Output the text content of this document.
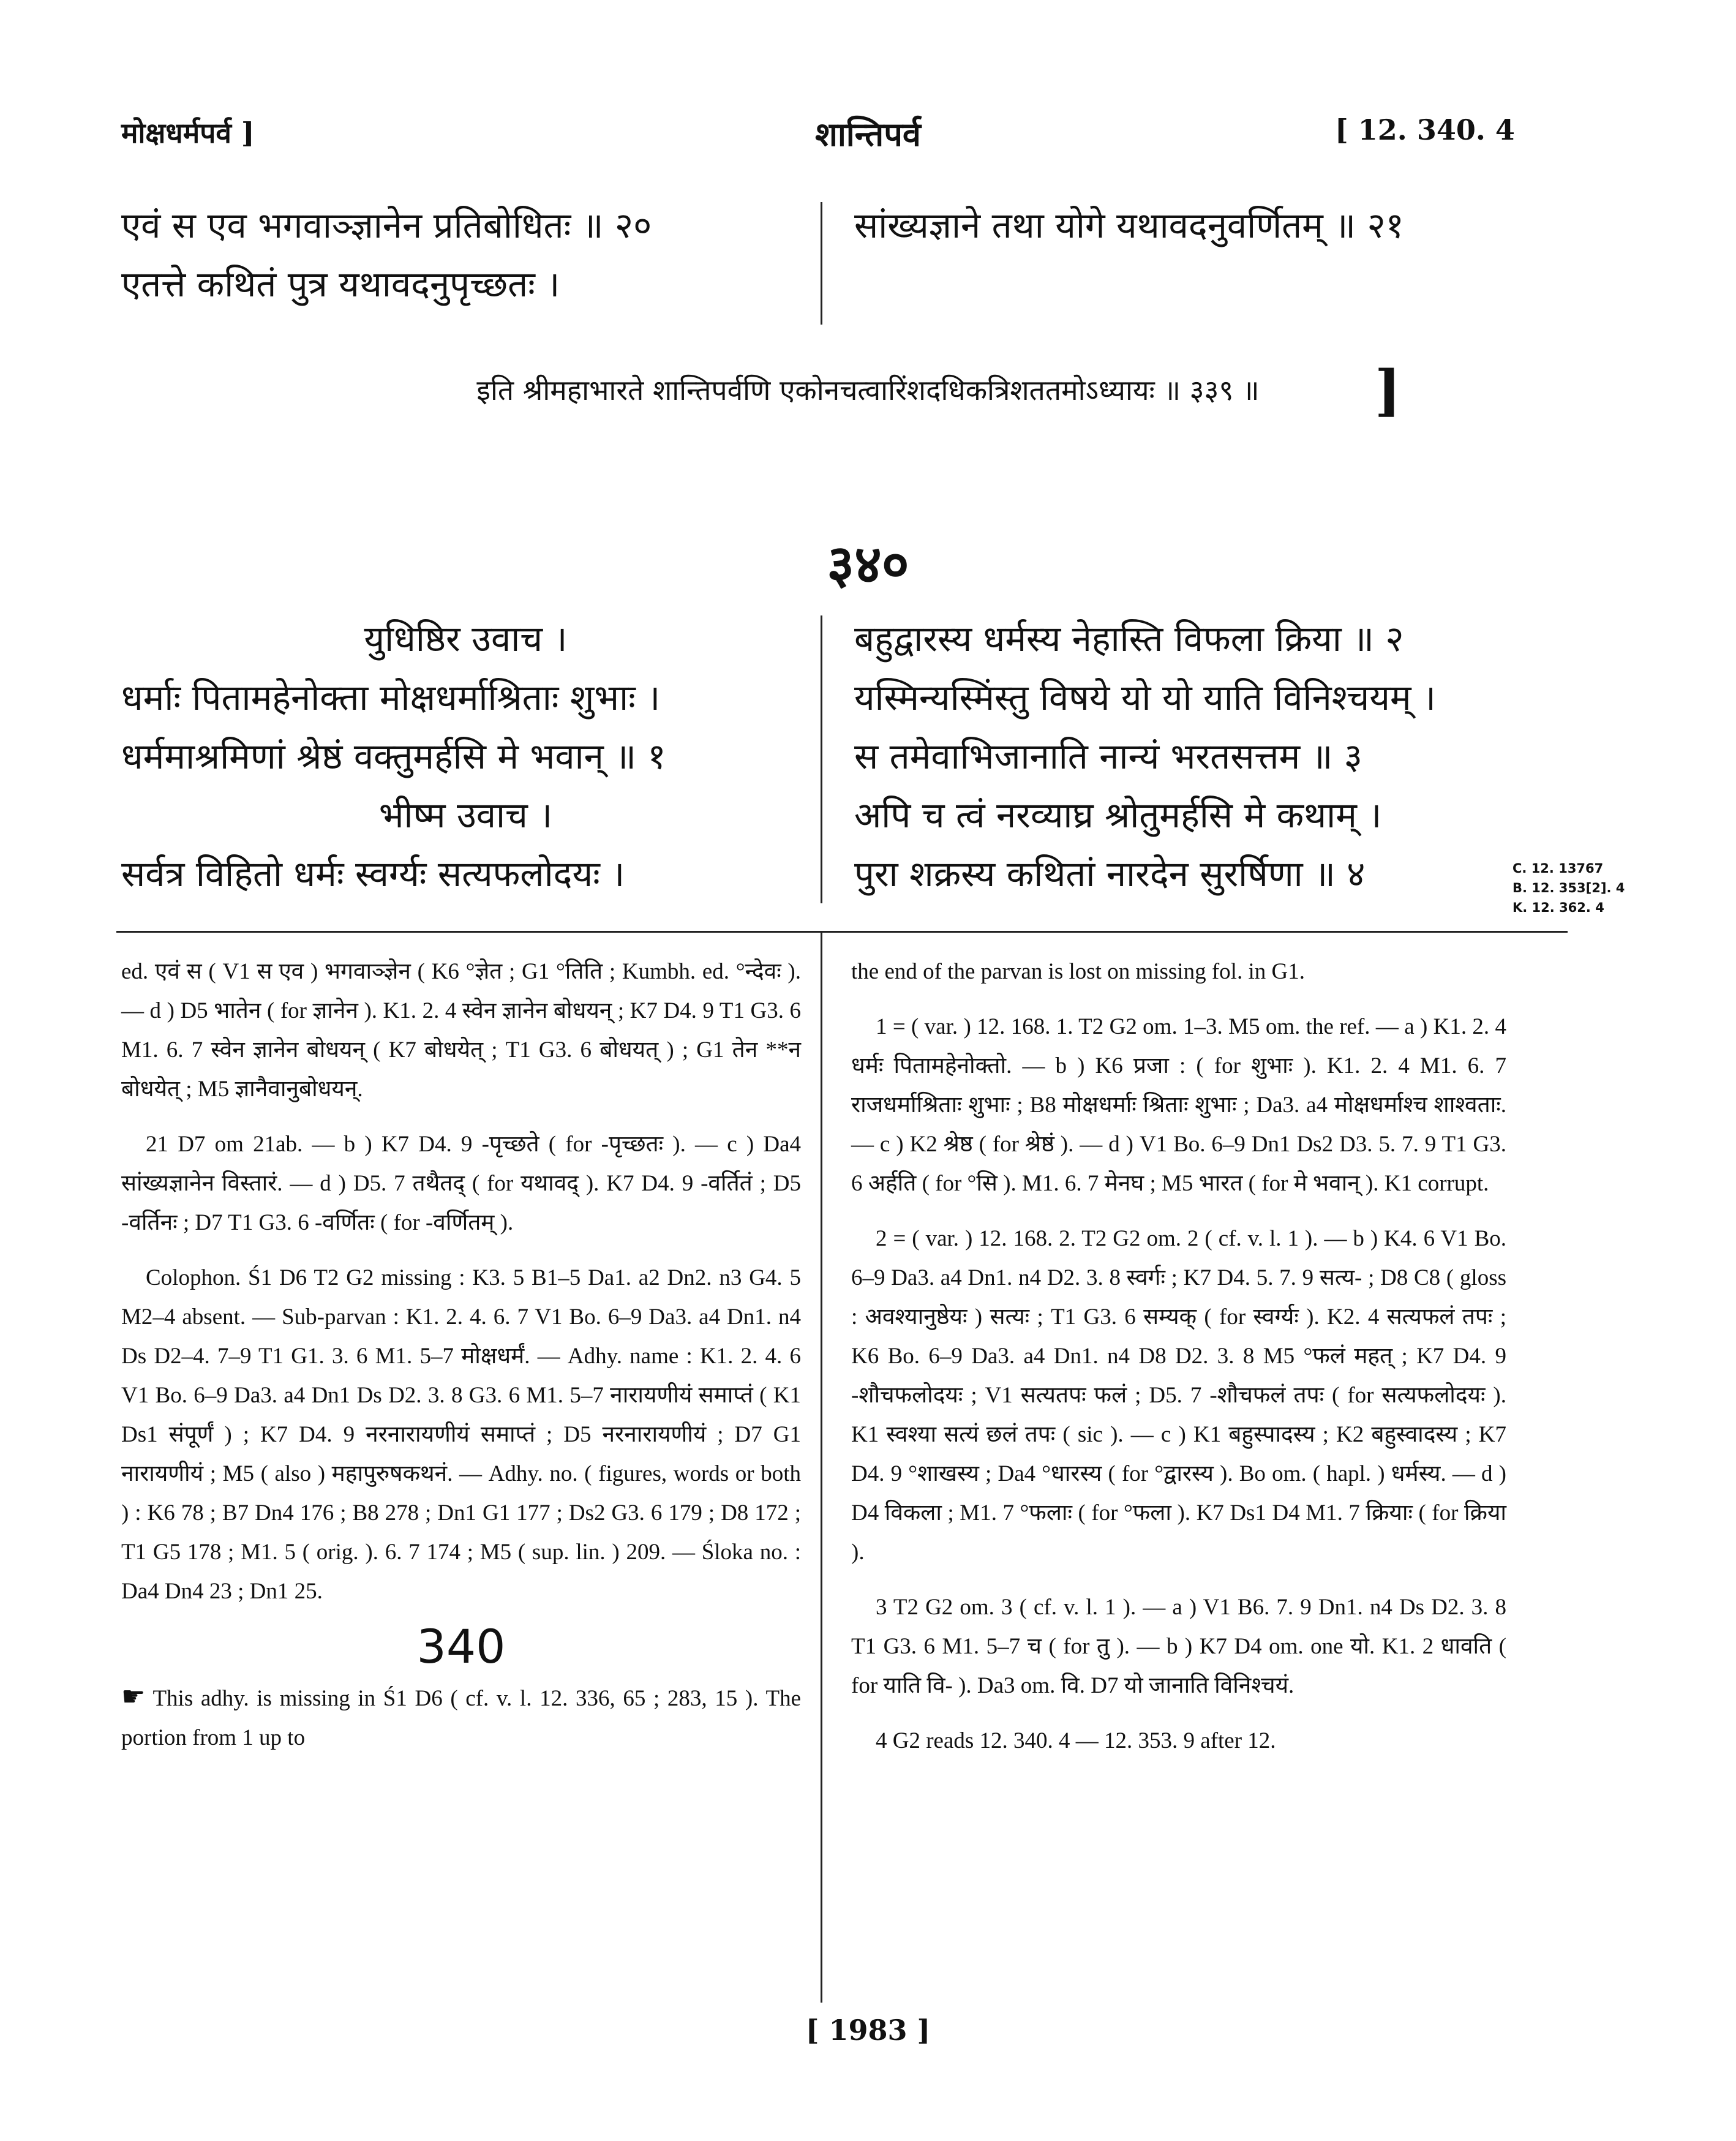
मोक्षधर्मपर्व ]	शान्तिपर्व	[ 12. 340. 4
एवं स एव भगवाञ्ज्ञानेन प्रतिबोधितः ॥ २०
एतत्ते कथितं पुत्र यथावदनुपृच्छतः ।
सांख्यज्ञाने तथा योगे यथावदनुवर्णितम् ॥ २१
इति श्रीमहाभारते शान्तिपर्वणि एकोनचत्वारिंशदधिकत्रिशततमोऽध्यायः ॥ ३३९ ॥	]
३४०
युधिष्ठिर उवाच ।
धर्माः पितामहेनोक्ता मोक्षधर्माश्रिताः शुभाः ।
धर्ममाश्रमिणां श्रेष्ठं वक्तुमर्हसि मे भवान् ॥ १
भीष्म उवाच ।
सर्वत्र विहितो धर्मः स्वर्ग्यः सत्यफलोदयः ।
बहुद्वारस्य धर्मस्य नेहास्ति विफला क्रिया ॥ २
यस्मिन्यस्मिंस्तु विषये यो यो याति विनिश्चयम् ।
स तमेवाभिजानाति नान्यं भरतसत्तम ॥ ३
अपि च त्वं नरव्याघ्र श्रोतुमर्हसि मे कथाम् ।
पुरा शक्रस्य कथितां नारदेन सुरर्षिणा ॥ ४	C. 12. 13767
B. 12. 353[2]. 4
K. 12. 362. 4

ed. एवं स ( V1 स एव ) भगवाञ्ज्ञेन ( K6 °ज्ञेत ; G1 °तिति ; Kumbh. ed. °न्देवः ). — d ) D5 भातेन ( for ज्ञानेन ). K1. 2. 4 स्वेन ज्ञानेन बोधयन् ; K7 D4. 9 T1 G3. 6 M1. 6. 7 स्वेन ज्ञानेन बोधयन् ( K7 बोधयेत् ; T1 G3. 6 बोधयत् ) ; G1 तेन **न बोधयेत् ; M5 ज्ञानैवानुबोधयन्.

21 D7 om 21ab. — b ) K7 D4. 9 -पृच्छते ( for -पृच्छतः ). — c ) Da4 सांख्यज्ञानेन विस्तारं. — d ) D5. 7 तथैतद् ( for यथावद् ). K7 D4. 9 -वर्तितं ; D5 -वर्तिनः ; D7 T1 G3. 6 -वर्णितः ( for -वर्णितम् ).

Colophon. Ś1 D6 T2 G2 missing : K3. 5 B1–5 Da1. a2 Dn2. n3 G4. 5 M2–4 absent. — Sub-parvan : K1. 2. 4. 6. 7 V1 Bo. 6–9 Da3. a4 Dn1. n4 Ds D2–4. 7–9 T1 G1. 3. 6 M1. 5–7 मोक्षधर्मं. — Adhy. name : K1. 2. 4. 6 V1 Bo. 6–9 Da3. a4 Dn1 Ds D2. 3. 8 G3. 6 M1. 5–7 नारायणीयं समाप्तं ( K1 Ds1 संपूर्णं ) ; K7 D4. 9 नरनारायणीयं समाप्तं ; D5 नरनारायणीयं ; D7 G1 नारायणीयं ; M5 ( also ) महापुरुषकथनं. — Adhy. no. ( figures, words or both ) : K6 78 ; B7 Dn4 176 ; B8 278 ; Dn1 G1 177 ; Ds2 G3. 6 179 ; D8 172 ; T1 G5 178 ; M1. 5 ( orig. ). 6. 7 174 ; M5 ( sup. lin. ) 209. — Śloka no. : Da4 Dn4 23 ; Dn1 25.

340

☛ This adhy. is missing in Ś1 D6 ( cf. v. l. 12. 336, 65 ; 283, 15 ). The portion from 1 up to

the end of the parvan is lost on missing fol. in G1.

1 = ( var. ) 12. 168. 1. T2 G2 om. 1–3. M5 om. the ref. — a ) K1. 2. 4 धर्मः पितामहेनोक्तो. — b ) K6 प्रजा : ( for शुभाः ). K1. 2. 4 M1. 6. 7 राजधर्माश्रिताः शुभाः ; B8 मोक्षधर्माः श्रिताः शुभाः ; Da3. a4 मोक्षधर्माश्च शाश्वताः. — c ) K2 श्रेष्ठ ( for श्रेष्ठं ). — d ) V1 Bo. 6–9 Dn1 Ds2 D3. 5. 7. 9 T1 G3. 6 अर्हति ( for °सि ). M1. 6. 7 मेनघ ; M5 भारत ( for मे भवान् ). K1 corrupt.

2 = ( var. ) 12. 168. 2. T2 G2 om. 2 ( cf. v. l. 1 ). — b ) K4. 6 V1 Bo. 6–9 Da3. a4 Dn1. n4 D2. 3. 8 स्वर्गः ; K7 D4. 5. 7. 9 सत्य- ; D8 C8 ( gloss : अवश्यानुष्ठेयः ) सत्यः ; T1 G3. 6 सम्यक् ( for स्वर्ग्यः ). K2. 4 सत्यफलं तपः ; K6 Bo. 6–9 Da3. a4 Dn1. n4 D8 D2. 3. 8 M5 °फलं महत् ; K7 D4. 9 -शौचफलोदयः ; V1 सत्यतपः फलं ; D5. 7 -शौचफलं तपः ( for सत्यफलोदयः ). K1 स्वश्या सत्यं छलं तपः ( sic ). — c ) K1 बहुस्पादस्य ; K2 बहुस्वादस्य ; K7 D4. 9 °शाखस्य ; Da4 °धारस्य ( for °द्वारस्य ). Bo om. ( hapl. ) धर्मस्य. — d ) D4 विकला ; M1. 7 °फलाः ( for °फला ). K7 Ds1 D4 M1. 7 क्रियाः ( for क्रिया ).

3 T2 G2 om. 3 ( cf. v. l. 1 ). — a ) V1 B6. 7. 9 Dn1. n4 Ds D2. 3. 8 T1 G3. 6 M1. 5–7 च ( for तु ). — b ) K7 D4 om. one यो. K1. 2 धावति ( for याति वि- ). Da3 om. वि. D7 यो जानाति विनिश्चयं.

4 G2 reads 12. 340. 4 — 12. 353. 9 after 12.

[ 1983 ]
